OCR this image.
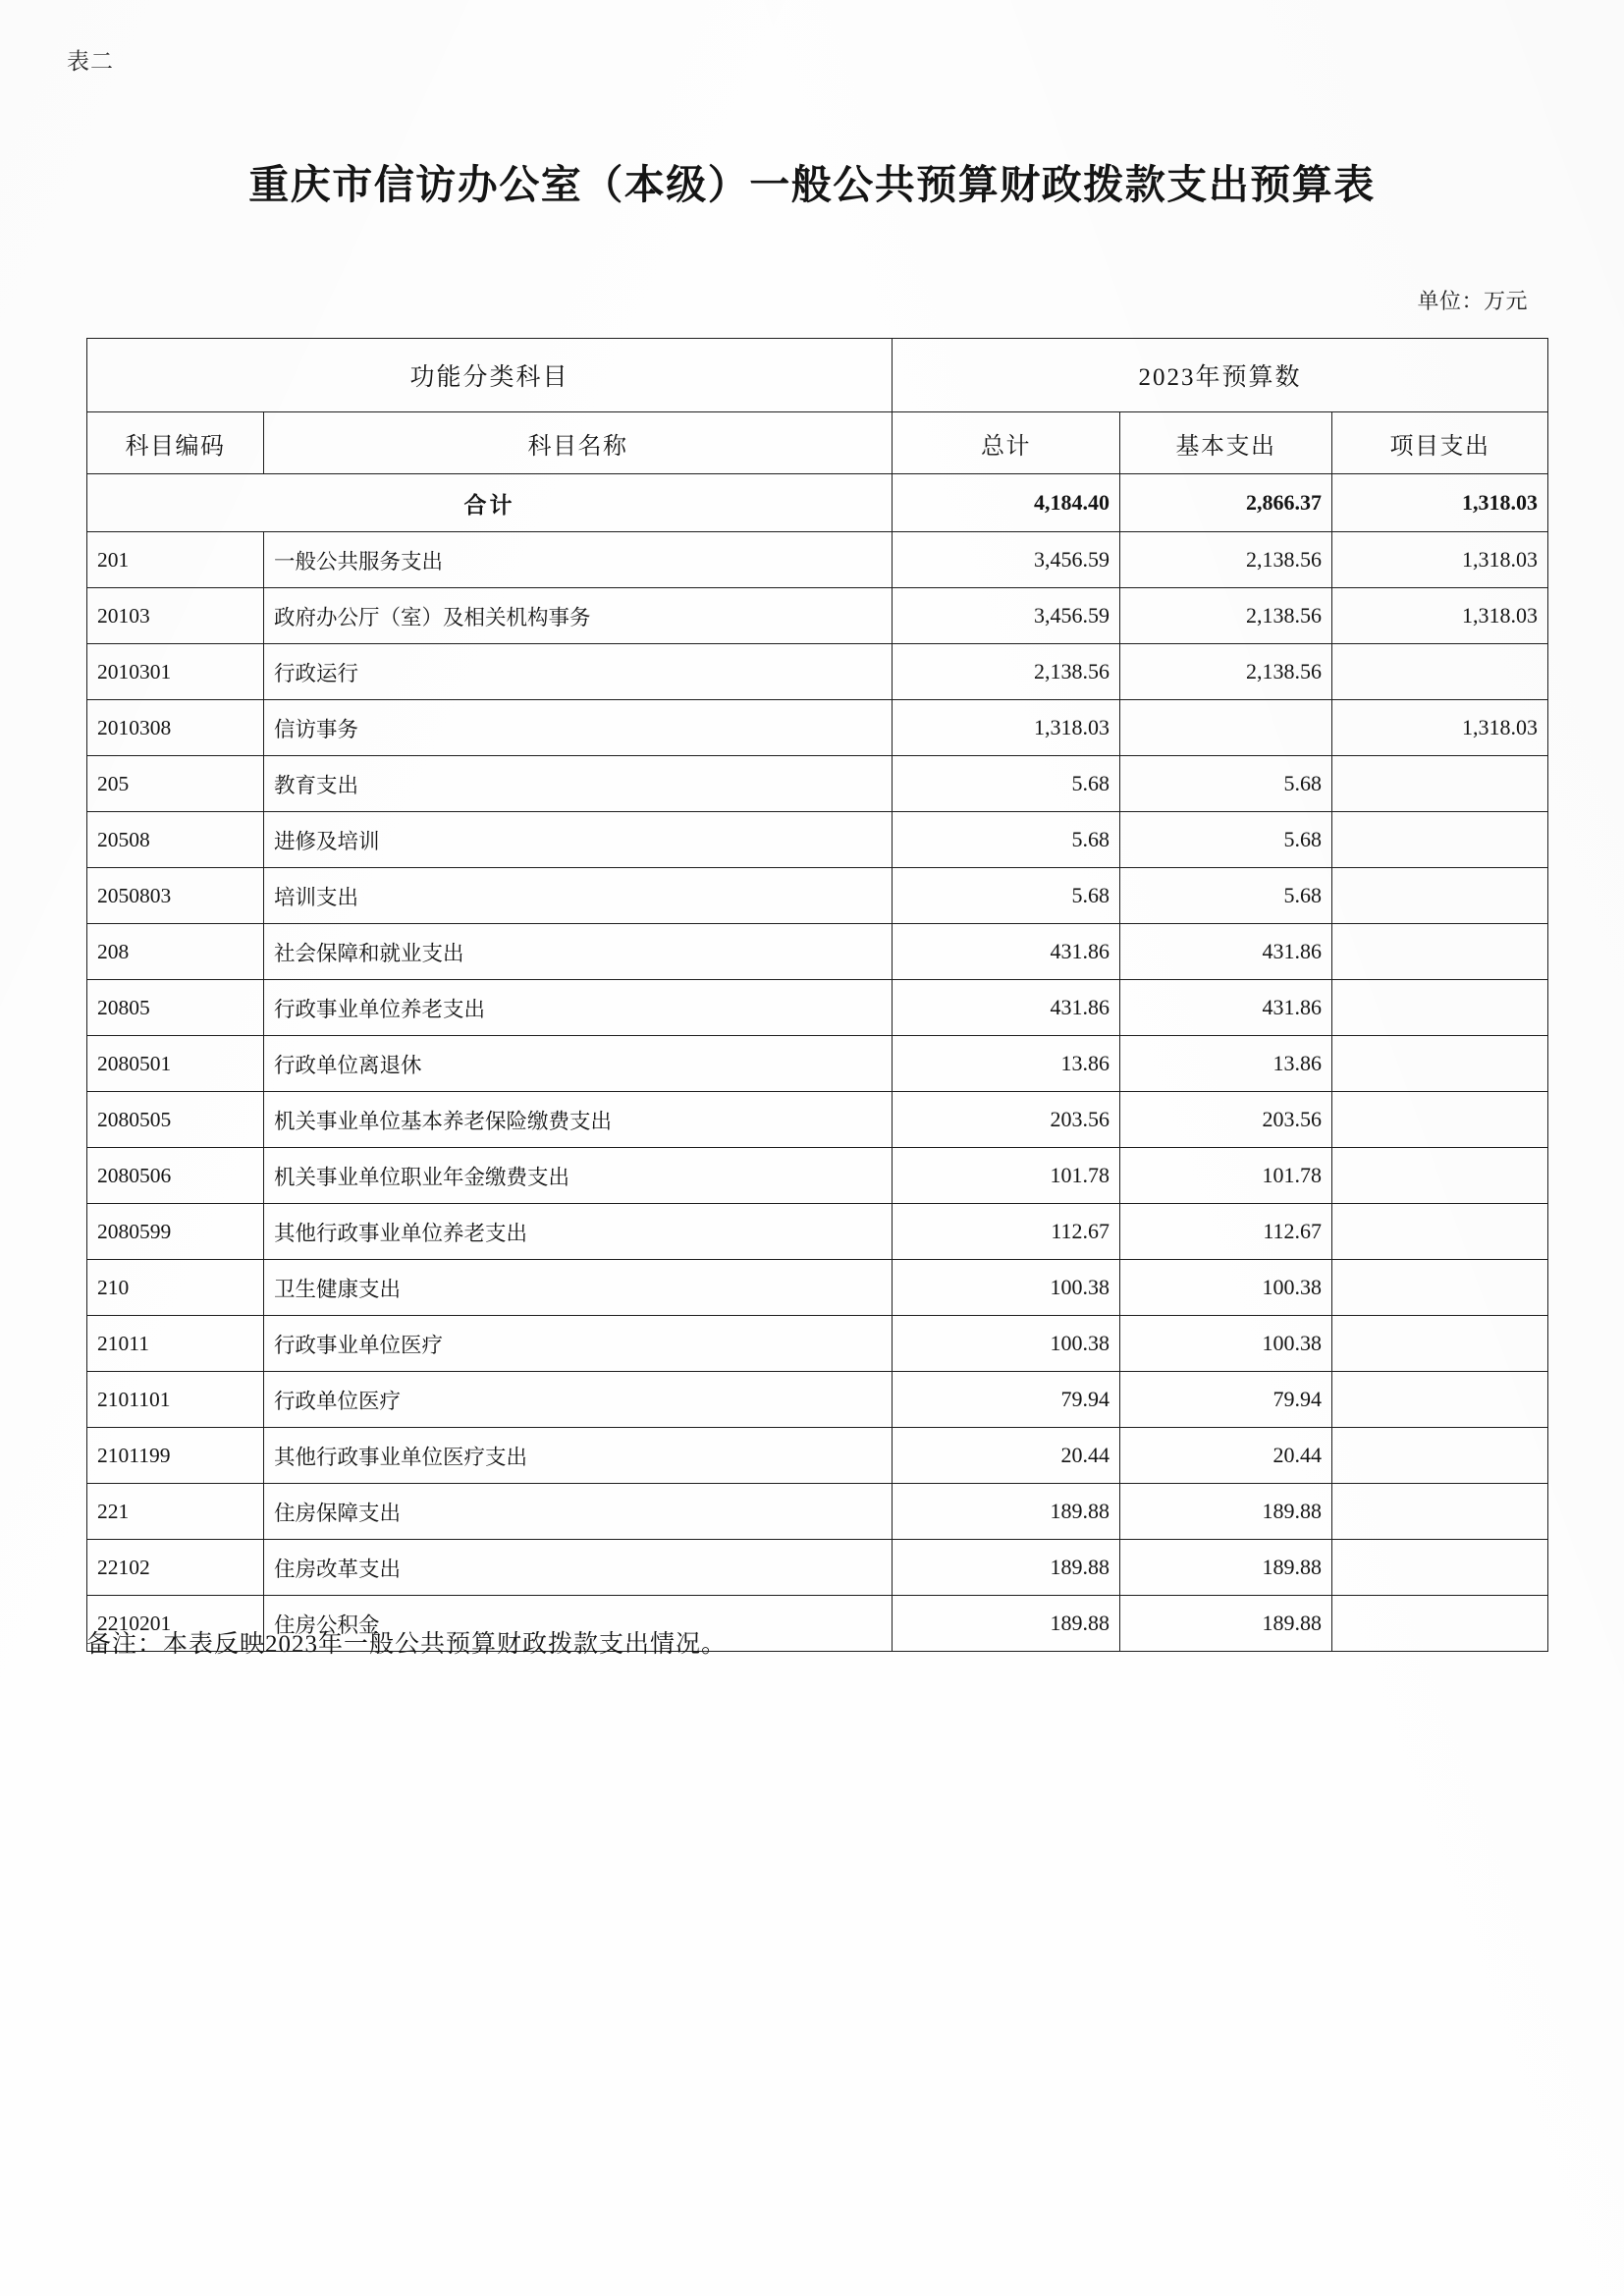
表二
重庆市信访办公室（本级）一般公共预算财政拨款支出预算表
单位：万元
功能分类科目		2023年预算数		
科目编码	科目名称	总计	基本支出	项目支出
合计		4,184.40	2,866.37	1,318.03
201	一般公共服务支出	3,456.59	2,138.56	1,318.03
20103	政府办公厅（室）及相关机构事务	3,456.59	2,138.56	1,318.03
2010301	行政运行	2,138.56	2,138.56	
2010308	信访事务	1,318.03		1,318.03
205	教育支出	5.68	5.68	
20508	进修及培训	5.68	5.68	
2050803	培训支出	5.68	5.68	
208	社会保障和就业支出	431.86	431.86	
20805	行政事业单位养老支出	431.86	431.86	
2080501	行政单位离退休	13.86	13.86	
2080505	机关事业单位基本养老保险缴费支出	203.56	203.56	
2080506	机关事业单位职业年金缴费支出	101.78	101.78	
2080599	其他行政事业单位养老支出	112.67	112.67	
210	卫生健康支出	100.38	100.38	
21011	行政事业单位医疗	100.38	100.38	
2101101	行政单位医疗	79.94	79.94	
2101199	其他行政事业单位医疗支出	20.44	20.44	
221	住房保障支出	189.88	189.88	
22102	住房改革支出	189.88	189.88	
2210201	住房公积金	189.88	189.88	
备注：本表反映2023年一般公共预算财政拨款支出情况。
